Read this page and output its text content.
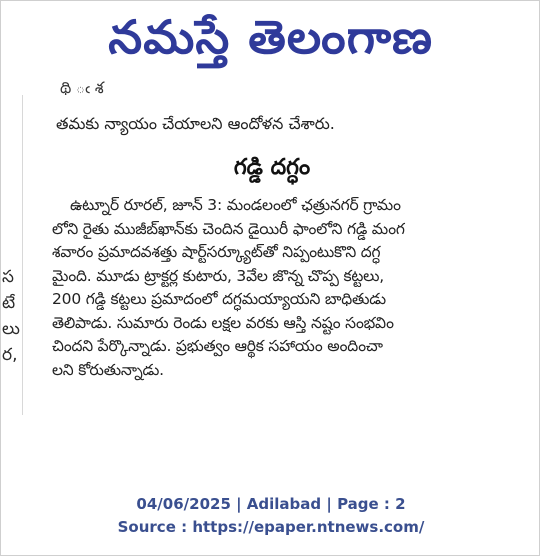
నమస్తే తెలంగాణ
స
టే
లు
ర,
థి ఁ శ
తమకు న్యాయం చేయాలని ఆందోళన చేశారు.
గడ్డి దగ్ధం

ఉట్నూర్ రూరల్, జూన్ 3: మండలంలో ఛత్రునగర్ గ్రామం

లోని రైతు ముజీబ్‌ఖాన్‌కు చెందిన డైయిరీ ఫాంలోని గడ్డి మంగ

శవారం ప్రమాదవశత్తు షార్ట్‌సర్క్యూట్‌తో నిప్పంటుకొని దగ్ధ

మైంది. మూడు ట్రాక్టర్ల కుటారు, 3వేల జొన్న చొప్ప కట్టలు,

200 గడ్డి కట్టలు ప్రమాదంలో దగ్ధమయ్యాయని బాధితుడు

తెలిపాడు. సుమారు రెండు లక్షల వరకు ఆస్తి నష్టం సంభవిం

చిందని పేర్కొన్నాడు. ప్రభుత్వం ఆర్థిక సహాయం అందించా

లని కోరుతున్నాడు.

04/06/2025 | Adilabad | Page : 2
Source : https://epaper.ntnews.com/
